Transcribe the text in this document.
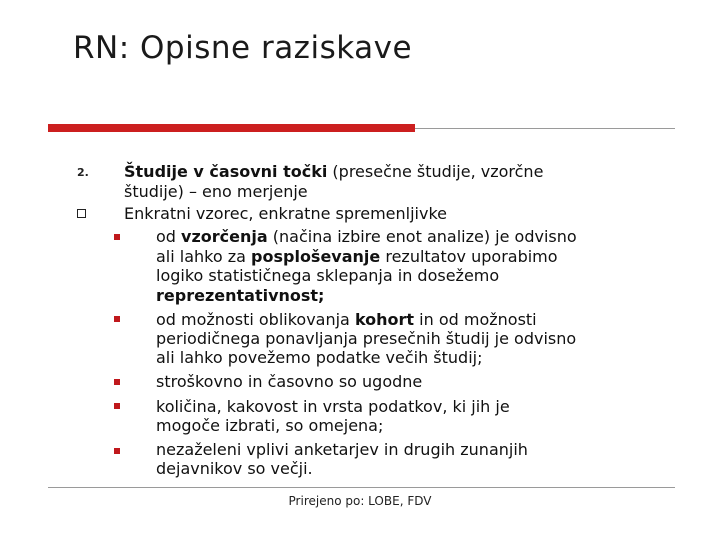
RN: Opisne raziskave
2. Študije v časovni točki (presečne študije, vzorčne
študije) – eno merjenje
Enkratni vzorec, enkratne spremenljivke
od vzorčenja (načina izbire enot analize) je odvisno
ali lahko za posploševanje rezultatov uporabimo
logiko statističnega sklepanja in dosežemo
reprezentativnost;
od možnosti oblikovanja kohort in od možnosti
periodičnega ponavljanja presečnih študij je odvisno
ali lahko povežemo podatke večih študij;
stroškovno in časovno so ugodne
količina, kakovost in vrsta podatkov, ki jih je
mogoče izbrati, so omejena;
nezaželeni vplivi anketarjev in drugih zunanjih
dejavnikov so večji.
Prirejeno po: LOBE, FDV
